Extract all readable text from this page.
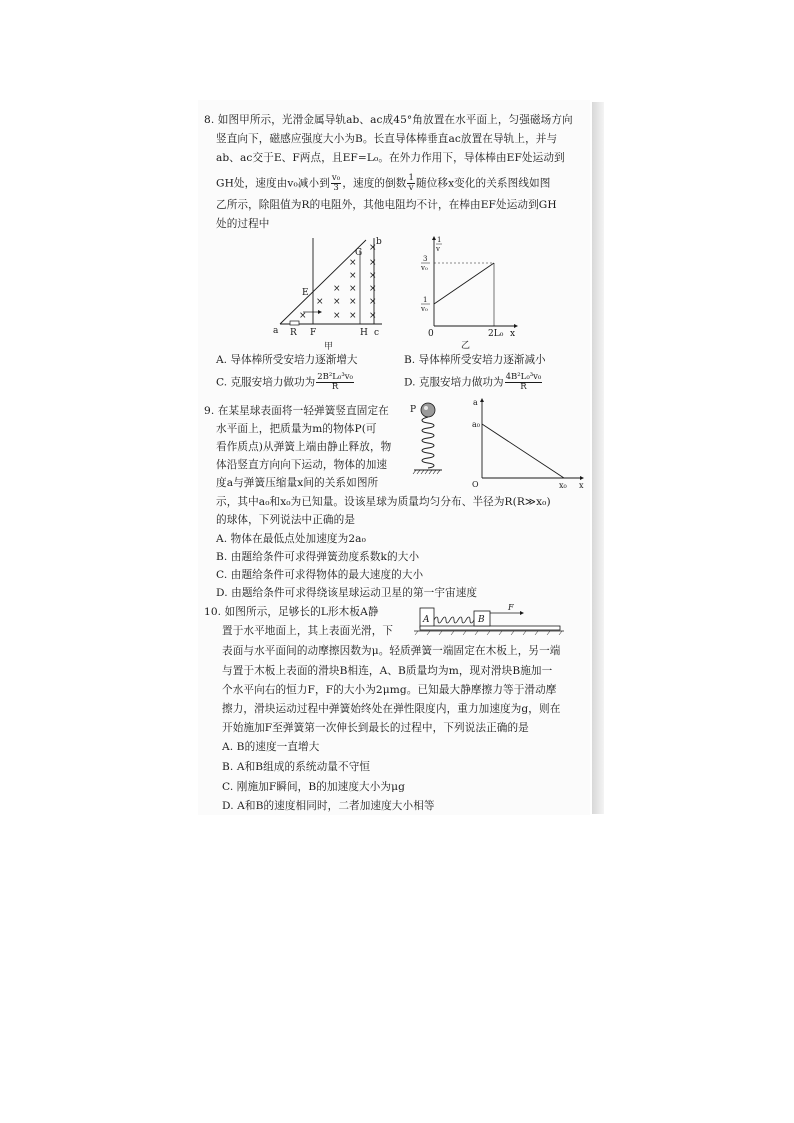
8. 如图甲所示，光滑金属导轨ab、ac成45°角放置在水平面上，匀强磁场方向
竖直向下，磁感应强度大小为B。长直导体棒垂直ac放置在导轨上，并与
ab、ac交于E、F两点，且EF=L₀。在外力作用下，导体棒由EF处运动到
GH处，速度由v₀减小到 $\frac{\text{v₀}}{3}$ ，速度的倒数 $\frac{1}{v}$ 随位移x变化的关系图线如图
乙所示，除阻值为R的电阻外，其他电阻均不计，在棒由EF处运动到GH
处的过程中
a	c
b
E
F
G
H
R
甲
×
× ×
× ×
× × ×
× × × ×
×	× × ×
1
v
3
v₀
1
v₀
0	2L₀ x
乙
A. 导体棒所受安培力逐渐增大	B. 导体棒所受安培力逐渐减小
C. 克服安培力做功为 $\frac{\text{2B²L₀³v₀}}{R}$	D. 克服安培力做功为 $\frac{\text{4B²L₀³v₀}}{R}$
9. 在某星球表面将一轻弹簧竖直固定在
水平面上，把质量为m的物体P(可
看作质点)从弹簧上端由静止释放，物
体沿竖直方向向下运动，物体的加速
度a与弹簧压缩量x间的关系如图所
示，其中a₀和x₀为已知量。设该星球为质量均匀分布、半径为R(R≫x₀)
的球体，下列说法中正确的是
A. 物体在最低点处加速度为2a₀
B. 由题给条件可求得弹簧劲度系数k的大小
C. 由题给条件可求得物体的最大速度的大小
D. 由题给条件可求得绕该星球运动卫星的第一宇宙速度
P
a
a₀
O	x₀ x
10. 如图所示，足够长的L形木板A静
置于水平地面上，其上表面光滑，下
表面与水平面间的动摩擦因数为μ。轻质弹簧一端固定在木板上，另一端
与置于木板上表面的滑块B相连，A、B质量均为m，现对滑块B施加一
个水平向右的恒力F，F的大小为2μmg。已知最大静摩擦力等于滑动摩
擦力，滑块运动过程中弹簧始终处在弹性限度内，重力加速度为g，则在
开始施加F至弹簧第一次伸长到最长的过程中，下列说法正确的是
A. B的速度一直增大
B. A和B组成的系统动量不守恒
C. 刚施加F瞬间，B的加速度大小为μg
D. A和B的速度相同时，二者加速度大小相等
A	B
F
